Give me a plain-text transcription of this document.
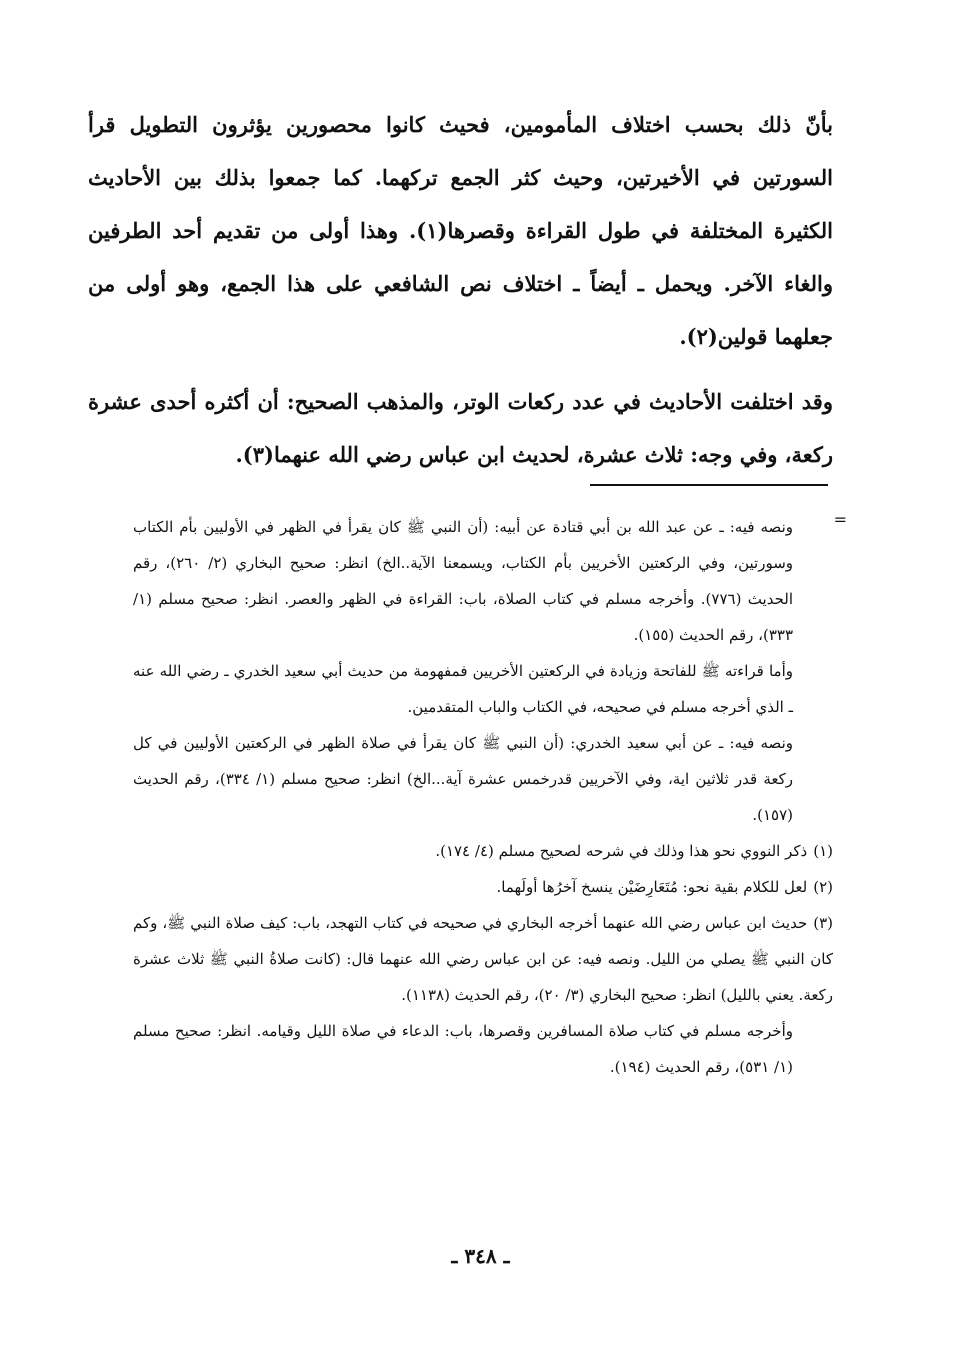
بأنّ ذلك بحسب اختلاف المأمومين، فحيث كانوا محصورين يؤثرون التطويل قرأ السورتين في الأخيرتين، وحيث كثر الجمع تركهما. كما جمعوا بذلك بين الأحاديث الكثيرة المختلفة في طول القراءة وقصرها(١). وهذا أولى من تقديم أحد الطرفين والغاء الآخر. ويحمل ـ أيضاً ـ اختلاف نص الشافعي على هذا الجمع، وهو أولى من جعلهما قولين(٢).

وقد اختلفت الأحاديث في عدد ركعات الوتر، والمذهب الصحيح: أن أكثره أحدى عشرة ركعة، وفي وجه: ثلاث عشرة، لحديث ابن عباس رضي الله عنهما(٣).

=

ونصه فيه: ـ عن عبد الله بن أبي قتادة عن أبيه: (أن النبي ﷺ كان يقرأ في الظهر في الأوليين بأم الكتاب وسورتين، وفي الركعتين الأخريين بأم الكتاب، ويسمعنا الآية..الخ) انظر: صحيح البخاري (٢/ ٢٦٠)، رقم الحديث (٧٧٦). وأخرجه مسلم في كتاب الصلاة، باب: القراءة في الظهر والعصر. انظر: صحيح مسلم (١/ ٣٣٣)، رقم الحديث (١٥٥).

وأما قراءته ﷺ للفاتحة وزيادة في الركعتين الأخريين فمفهومة من حديث أبي سعيد الخدري ـ رضي الله عنه ـ الذي أخرجه مسلم في صحيحه، في الكتاب والباب المتقدمين.

ونصه فيه: ـ عن أبي سعيد الخدري: (أن النبي ﷺ كان يقرأ في صلاة الظهر في الركعتين الأوليين في كل ركعة قدر ثلاثين اية، وفي الآخريين قدرخمس عشرة آية...الخ) انظر: صحيح مسلم (١/ ٣٣٤)، رقم الحديث (١٥٧).

(١)ذكر النووي نحو هذا وذلك في شرحه لصحيح مسلم (٤/ ١٧٤).

(٢)لعل للكلام بقية نحو: مُتَعَارِضَيْن ينسخ آخرُها أولَهما.

(٣)حديث ابن عباس رضي الله عنهما أخرجه البخاري في صحيحه في كتاب التهجد، باب: كيف صلاة النبي ﷺ، وكم كان النبي ﷺ يصلي من الليل. ونصه فيه: عن ابن عباس رضي الله عنهما قال: (كانت صلاةُ النبي ﷺ ثلاث عشرة ركعة. يعني بالليل) انظر: صحيح البخاري (٣/ ٢٠)، رقم الحديث (١١٣٨).

وأخرجه مسلم في كتاب صلاة المسافرين وقصرها، باب: الدعاء في صلاة الليل وقيامه. انظر: صحيح مسلم (١/ ٥٣١)، رقم الحديث (١٩٤).

ـ ٣٤٨ ـ
